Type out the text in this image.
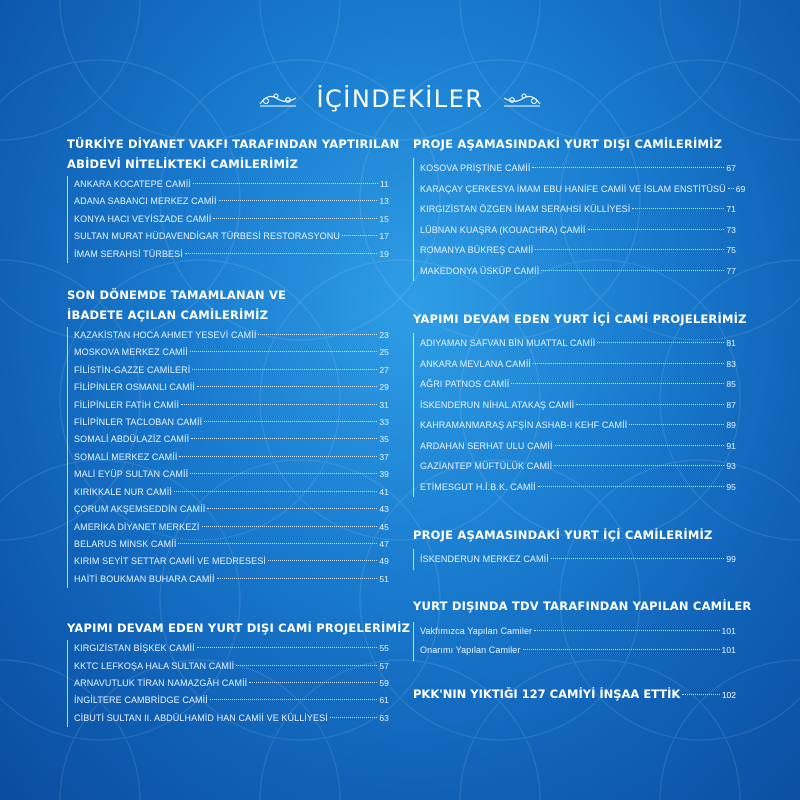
İÇİNDEKİLER
TÜRKİYE DİYANET VAKFI TARAFINDAN YAPTIRILAN
ABİDEVİ NİTELİKTEKİ CAMİLERİMİZ
ANKARA KOCATEPE CAMİİ	11
ADANA SABANCI MERKEZ CAMİİ	13
KONYA HACI VEYİSZADE CAMİİ	15
SULTAN MURAT HÜDAVENDİGAR TÜRBESİ RESTORASYONU	17
İMAM SERAHSİ TÜRBESİ	19
SON DÖNEMDE TAMAMLANAN VE
İBADETE AÇILAN CAMİLERİMİZ
KAZAKİSTAN HOCA AHMET YESEVİ CAMİİ	23
MOSKOVA MERKEZ CAMİİ	25
FİLİSTİN-GAZZE CAMİLERİ	27
FİLİPİNLER OSMANLI CAMİİ	29
FİLİPİNLER FATİH CAMİİ	31
FİLİPİNLER TACLOBAN CAMİİ	33
SOMALİ ABDÜLAZİZ CAMİİ	35
SOMALİ MERKEZ CAMİİ	37
MALİ EYÜP SULTAN CAMİİ	39
KIRIKKALE NUR CAMİİ	41
ÇORUM AKŞEMSEDDİN CAMİİ	43
AMERİKA DİYANET MERKEZİ	45
BELARUS MİNSK CAMİİ	47
KIRIM SEYİT SETTAR CAMİİ VE MEDRESESİ	49
HAİTİ BOUKMAN BUHARA CAMİİ	51
YAPIMI DEVAM EDEN YURT DIŞI CAMİ PROJELERİMİZ
KIRGIZİSTAN BİŞKEK CAMİİ	55
KKTC LEFKOŞA HALA SULTAN CAMİİ	57
ARNAVUTLUK TİRAN NAMAZGÂH CAMİİ	59
İNGİLTERE CAMBRİDGE CAMİİ	61
CİBUTİ SULTAN II. ABDÜLHAMİD HAN CAMİİ VE KÜLLİYESİ	63
PROJE AŞAMASINDAKİ YURT DIŞI CAMİLERİMİZ
KOSOVA PRİŞTİNE CAMİİ	67
KARAÇAY ÇERKESYA İMAM EBU HANİFE CAMİİ VE İSLAM ENSTİTÜSÜ 69
KIRGIZİSTAN ÖZGEN İMAM SERAHSİ KÜLLİYESİ	71
LÜBNAN KUAŞRA (KOUACHRA) CAMİİ	73
ROMANYA BÜKREŞ CAMİİ	75
MAKEDONYA ÜSKÜP CAMİİ	77
YAPIMI DEVAM EDEN YURT İÇİ CAMİ PROJELERİMİZ
ADIYAMAN SAFVAN BİN MUATTAL CAMİİ	81
ANKARA MEVLANA CAMİİ	83
AĞRI PATNOS CAMİİ	85
İSKENDERUN NİHAL ATAKAŞ CAMİİ	87
KAHRAMANMARAŞ AFŞİN ASHAB-I KEHF CAMİİ	89
ARDAHAN SERHAT ULU CAMİİ	91
GAZİANTEP MÜFTÜLÜK CAMİİ	93
ETİMESGUT H.İ.B.K. CAMİİ	95
PROJE AŞAMASINDAKİ YURT İÇİ CAMİLERİMİZ
İSKENDERUN MERKEZ CAMİİ	99
YURT DIŞINDA TDV TARAFINDAN YAPILAN CAMİLER
Vakfımızca Yapılan Camiler	101
Onarımı Yapılan Camiler	101
PKK'NIN YIKTIĞI 127 CAMİYİ İNŞAA ETTİK	102
